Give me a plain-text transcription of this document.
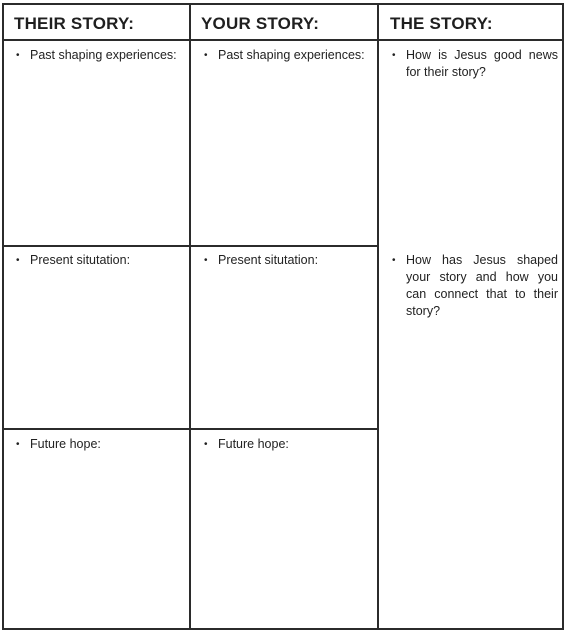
THEIR STORY:	YOUR STORY:	THE STORY:
• Past shaping experiences:
• Present situtation:
• Future hope:
• Past shaping experiences:
• Present situtation:
• Future hope:
• How is Jesus good news for their story?
• How has Jesus shaped your story and how you can connect that to their story?
